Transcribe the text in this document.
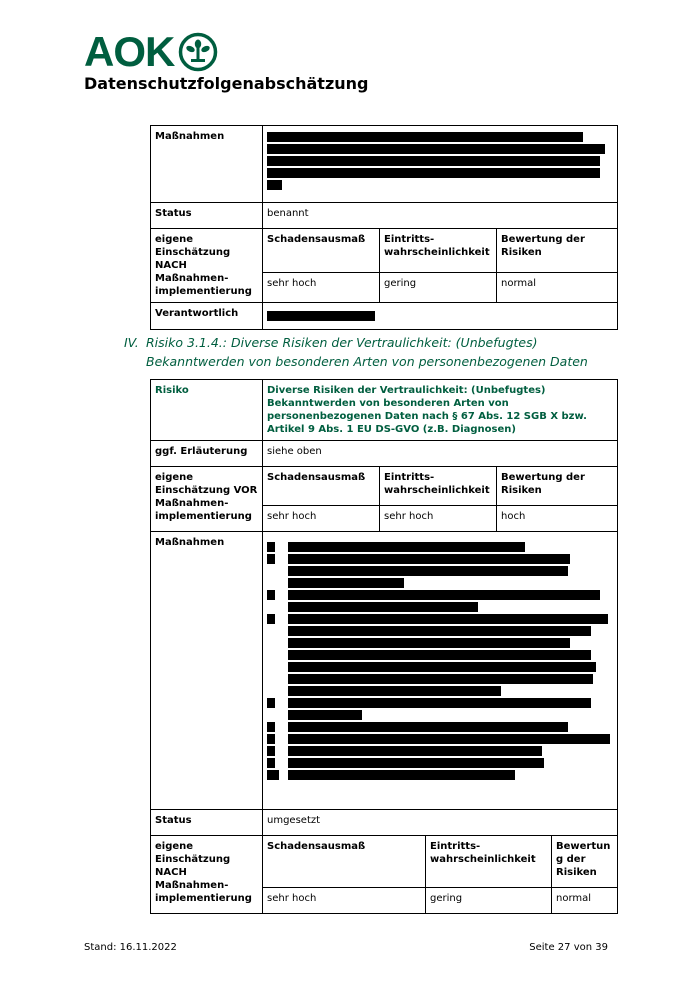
AOK
Datenschutzfolgenabschätzung
Maßnahmen			

Status	benannt		
eigene Einschätzung NACH Maßnahmen-implementierung	Schadensausmaß	Eintritts-wahrscheinlichkeit	Bewertung der Risiken
	sehr hoch	gering	normal
Verantwortlich			
IV. Risiko 3.1.4.: Diverse Risiken der Vertraulichkeit: (Unbefugtes) Bekanntwerden von besonderen Arten von personenbezogenen Daten
Risiko	Diverse Risiken der Vertraulichkeit: (Unbefugtes) Bekanntwerden von besonderen Arten von personenbezogenen Daten nach § 67 Abs. 12 SGB X bzw. Artikel 9 Abs. 1 EU DS-GVO (z.B. Diagnosen)				
ggf. Erläuterung	siehe oben				
eigene Einschätzung VOR Maßnahmen-implementierung	Schadensausmaß	Eintritts-wahrscheinlichkeit		Bewertung der Risiken	
	sehr hoch	sehr hoch		hoch	
Maßnahmen					

Status	umgesetzt				
eigene Einschätzung NACH Maßnahmen-implementierung	Schadensausmaß		Eintritts-wahrscheinlichkeit		Bewertun g der Risiken
	sehr hoch		gering		normal
Stand: 16.11.2022	Seite 27 von 39
